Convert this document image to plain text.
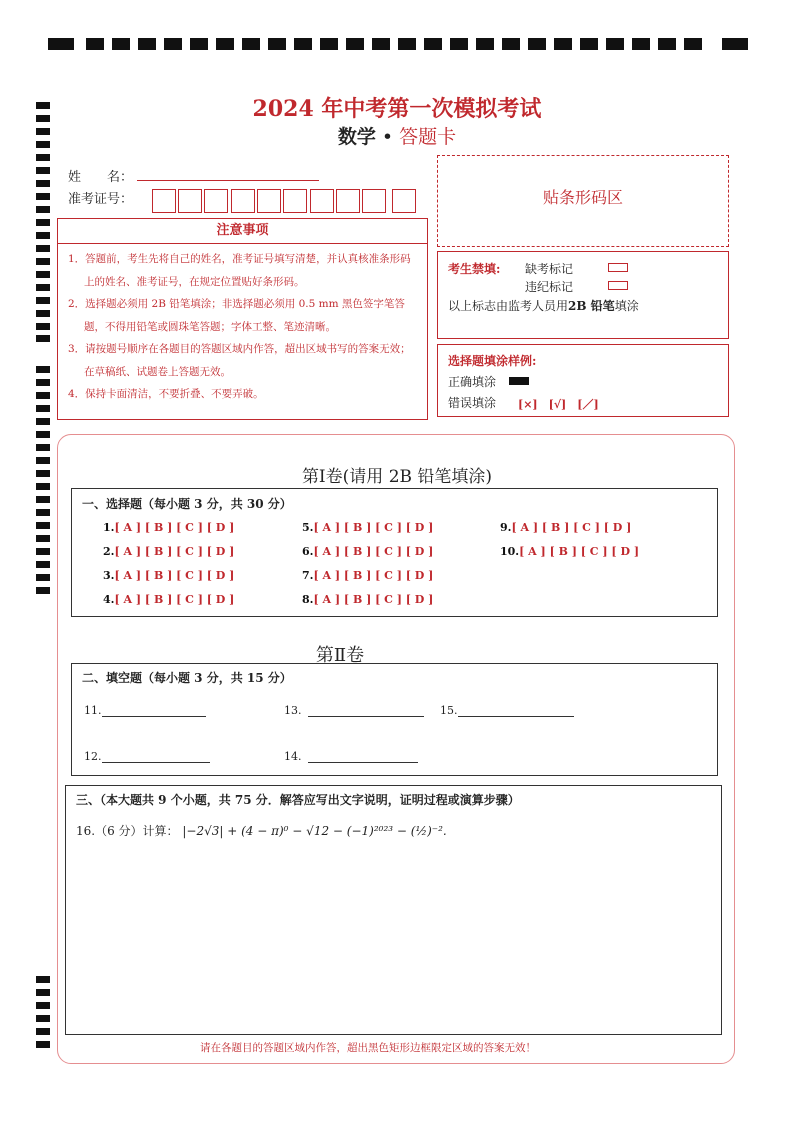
2024 年中考第一次模拟考试
数学 • 答题卡
姓　　名：
准考证号：	贴条形码区
注意事项
1．答题前，考生先将自己的姓名，准考证号填写清楚，并认真核准条形码上的姓名、准考证号，在规定位置贴好条形码。
2．选择题必须用 2B 铅笔填涂；非选择题必须用 0.5 mm 黑色签字笔答题，不得用铅笔或圆珠笔答题；字体工整、笔迹清晰。
3．请按题号顺序在各题目的答题区域内作答，超出区域书写的答案无效；在草稿纸、试题卷上答题无效。
4．保持卡面清洁，不要折叠、不要弄破。
考生禁填: 缺考标记
违纪标记
以上标志由监考人员用2B 铅笔填涂
选择题填涂样例:
正确填涂
错误填涂 [×]　[√]　[／]
第Ⅰ卷(请用 2B 铅笔填涂)
一、选择题（每小题 3 分，共 30 分）
1.[ A ] [ B ] [ C ] [ D ]
2.[ A ] [ B ] [ C ] [ D ]
3.[ A ] [ B ] [ C ] [ D ]
4.[ A ] [ B ] [ C ] [ D ]
5.[ A ] [ B ] [ C ] [ D ]
6.[ A ] [ B ] [ C ] [ D ]
7.[ A ] [ B ] [ C ] [ D ]
8.[ A ] [ B ] [ C ] [ D ]
9.[ A ] [ B ] [ C ] [ D ]
10.[ A ] [ B ] [ C ] [ D ]
第Ⅱ卷
二、填空题（每小题 3 分，共 15 分）
11.
12.
13.
14.
15.
三、（本大题共 9 个小题，共 75 分．解答应写出文字说明，证明过程或演算步骤）
16.（6 分）计算： |−2√3| + (4 − π)⁰ − √12 − (−1)²⁰²³ − (½)⁻².
请在各题目的答题区域内作答，超出黑色矩形边框限定区域的答案无效！
